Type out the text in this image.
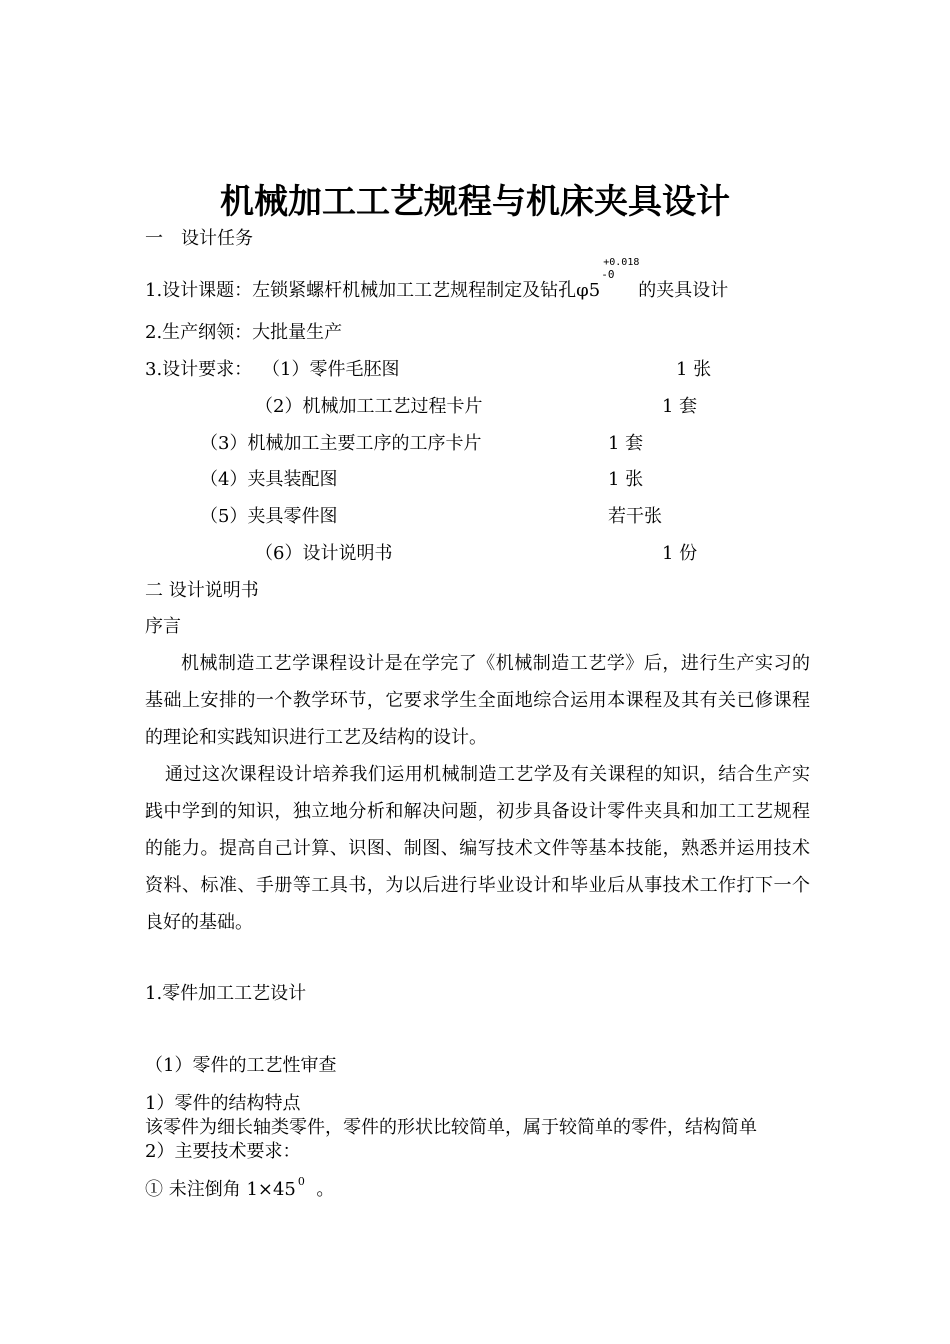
机械加工工艺规程与机床夹具设计
一　设计任务
1.设计课题：左锁紧螺杆机械加工工艺规程制定及钻孔φ5
+0.018
-0
的夹具设计
2.生产纲领：大批量生产
3.设计要求： （1）零件毛胚图	1 张
（2）机械加工工艺过程卡片	1 套
（3）机械加工主要工序的工序卡片	1 套
（4）夹具装配图	1 张
（5）夹具零件图	若干张
（6）设计说明书	1 份
二 设计说明书
序言
机械制造工艺学课程设计是在学完了《机械制造工艺学》后，进行生产实习的基础上安排的一个教学环节，它要求学生全面地综合运用本课程及其有关已修课程的理论和实践知识进行工艺及结构的设计。
通过这次课程设计培养我们运用机械制造工艺学及有关课程的知识，结合生产实践中学到的知识，独立地分析和解决问题，初步具备设计零件夹具和加工工艺规程的能力。提高自己计算、识图、制图、编写技术文件等基本技能，熟悉并运用技术资料、标准、手册等工具书，为以后进行毕业设计和毕业后从事技术工作打下一个良好的基础。
1.零件加工工艺设计
（1）零件的工艺性审查
1）零件的结构特点
该零件为细长轴类零件，零件的形状比较简单，属于较简单的零件，结构简单
2）主要技术要求：
① 未注倒角 1×45 $^0$ 。
